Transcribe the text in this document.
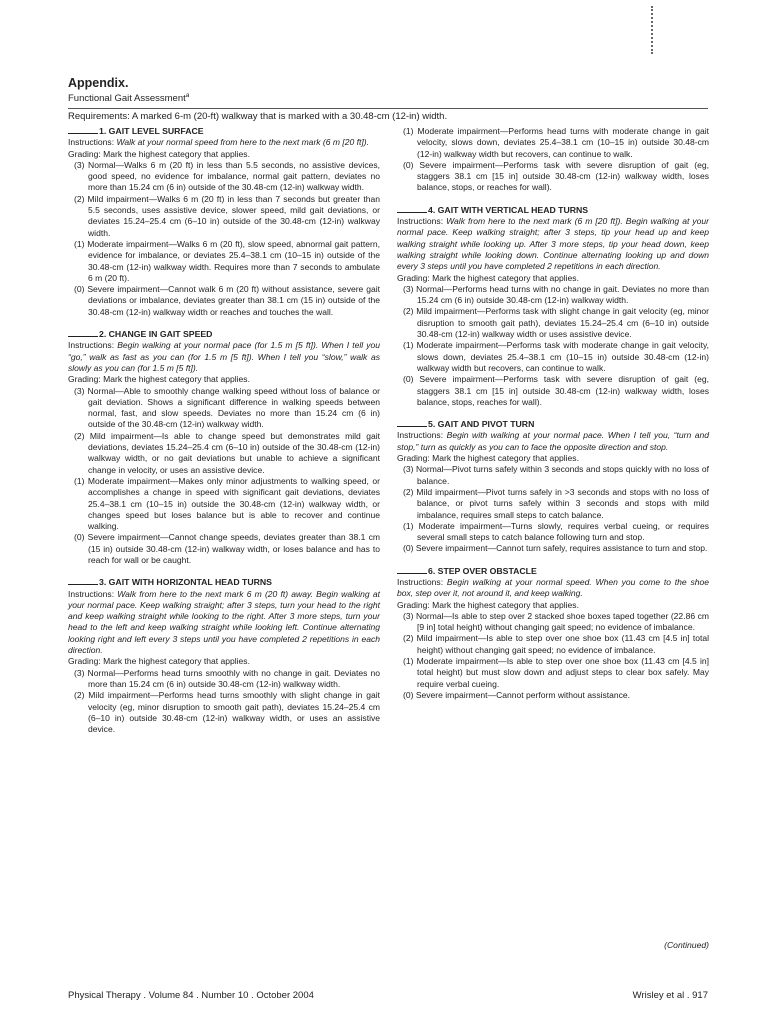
Appendix.
Functional Gait Assessment$^a$
Requirements: A marked 6-m (20-ft) walkway that is marked with a 30.48-cm (12-in) width.
1. GAIT LEVEL SURFACE
Instructions: Walk at your normal speed from here to the next mark (6 m [20 ft]).
Grading: Mark the highest category that applies.

(3) Normal—Walks 6 m (20 ft) in less than 5.5 seconds, no assistive devices, good speed, no evidence for imbalance, normal gait pattern, deviates no more than 15.24 cm (6 in) outside of the 30.48-cm (12-in) walkway width.

(2) Mild impairment—Walks 6 m (20 ft) in less than 7 seconds but greater than 5.5 seconds, uses assistive device, slower speed, mild gait deviations, or deviates 15.24–25.4 cm (6–10 in) outside of the 30.48-cm (12-in) walkway width.

(1) Moderate impairment—Walks 6 m (20 ft), slow speed, abnormal gait pattern, evidence for imbalance, or deviates 25.4–38.1 cm (10–15 in) outside of the 30.48-cm (12-in) walkway width. Requires more than 7 seconds to ambulate 6 m (20 ft).

(0) Severe impairment—Cannot walk 6 m (20 ft) without assistance, severe gait deviations or imbalance, deviates greater than 38.1 cm (15 in) outside of the 30.48-cm (12-in) walkway width or reaches and touches the wall.

2. CHANGE IN GAIT SPEED
Instructions: Begin walking at your normal pace (for 1.5 m [5 ft]). When I tell you “go,” walk as fast as you can (for 1.5 m [5 ft]). When I tell you “slow,” walk as slowly as you can (for 1.5 m [5 ft]).
Grading: Mark the highest category that applies.

(3) Normal—Able to smoothly change walking speed without loss of balance or gait deviation. Shows a significant difference in walking speeds between normal, fast, and slow speeds. Deviates no more than 15.24 cm (6 in) outside of the 30.48-cm (12-in) walkway width.

(2) Mild impairment—Is able to change speed but demonstrates mild gait deviations, deviates 15.24–25.4 cm (6–10 in) outside of the 30.48-cm (12-in) walkway width, or no gait deviations but unable to achieve a significant change in velocity, or uses an assistive device.

(1) Moderate impairment—Makes only minor adjustments to walking speed, or accomplishes a change in speed with significant gait deviations, deviates 25.4–38.1 cm (10–15 in) outside the 30.48-cm (12-in) walkway width, or changes speed but loses balance but is able to recover and continue walking.

(0) Severe impairment—Cannot change speeds, deviates greater than 38.1 cm (15 in) outside 30.48-cm (12-in) walkway width, or loses balance and has to reach for wall or be caught.

3. GAIT WITH HORIZONTAL HEAD TURNS
Instructions: Walk from here to the next mark 6 m (20 ft) away. Begin walking at your normal pace. Keep walking straight; after 3 steps, turn your head to the right and keep walking straight while looking to the right. After 3 more steps, turn your head to the left and keep walking straight while looking left. Continue alternating looking right and left every 3 steps until you have completed 2 repetitions in each direction.
Grading: Mark the highest category that applies.

(3) Normal—Performs head turns smoothly with no change in gait. Deviates no more than 15.24 cm (6 in) outside 30.48-cm (12-in) walkway width.

(2) Mild impairment—Performs head turns smoothly with slight change in gait velocity (eg, minor disruption to smooth gait path), deviates 15.24–25.4 cm (6–10 in) outside 30.48-cm (12-in) walkway width, or uses an assistive device.

(1) Moderate impairment—Performs head turns with moderate change in gait velocity, slows down, deviates 25.4–38.1 cm (10–15 in) outside 30.48-cm (12-in) walkway width but recovers, can continue to walk.

(0) Severe impairment—Performs task with severe disruption of gait (eg, staggers 38.1 cm [15 in] outside 30.48-cm (12-in) walkway width, loses balance, stops, or reaches for wall).

4. GAIT WITH VERTICAL HEAD TURNS
Instructions: Walk from here to the next mark (6 m [20 ft]). Begin walking at your normal pace. Keep walking straight; after 3 steps, tip your head up and keep walking straight while looking up. After 3 more steps, tip your head down, keep walking straight while looking down. Continue alternating looking up and down every 3 steps until you have completed 2 repetitions in each direction.
Grading: Mark the highest category that applies.

(3) Normal—Performs head turns with no change in gait. Deviates no more than 15.24 cm (6 in) outside 30.48-cm (12-in) walkway width.

(2) Mild impairment—Performs task with slight change in gait velocity (eg, minor disruption to smooth gait path), deviates 15.24–25.4 cm (6–10 in) outside 30.48-cm (12-in) walkway width or uses assistive device.

(1) Moderate impairment—Performs task with moderate change in gait velocity, slows down, deviates 25.4–38.1 cm (10–15 in) outside 30.48-cm (12-in) walkway width but recovers, can continue to walk.

(0) Severe impairment—Performs task with severe disruption of gait (eg, staggers 38.1 cm [15 in] outside 30.48-cm (12-in) walkway width, loses balance, stops, reaches for wall).

5. GAIT AND PIVOT TURN
Instructions: Begin with walking at your normal pace. When I tell you, “turn and stop,” turn as quickly as you can to face the opposite direction and stop.
Grading: Mark the highest category that applies.

(3) Normal—Pivot turns safely within 3 seconds and stops quickly with no loss of balance.

(2) Mild impairment—Pivot turns safely in >3 seconds and stops with no loss of balance, or pivot turns safely within 3 seconds and stops with mild imbalance, requires small steps to catch balance.

(1) Moderate impairment—Turns slowly, requires verbal cueing, or requires several small steps to catch balance following turn and stop.

(0) Severe impairment—Cannot turn safely, requires assistance to turn and stop.

6. STEP OVER OBSTACLE
Instructions: Begin walking at your normal speed. When you come to the shoe box, step over it, not around it, and keep walking.
Grading: Mark the highest category that applies.

(3) Normal—Is able to step over 2 stacked shoe boxes taped together (22.86 cm [9 in] total height) without changing gait speed; no evidence of imbalance.

(2) Mild impairment—Is able to step over one shoe box (11.43 cm [4.5 in] total height) without changing gait speed; no evidence of imbalance.

(1) Moderate impairment—Is able to step over one shoe box (11.43 cm [4.5 in] total height) but must slow down and adjust steps to clear box safely. May require verbal cueing.

(0) Severe impairment—Cannot perform without assistance.

(Continued)
Physical Therapy . Volume 84 . Number 10 . October 2004	Wrisley et al . 917
